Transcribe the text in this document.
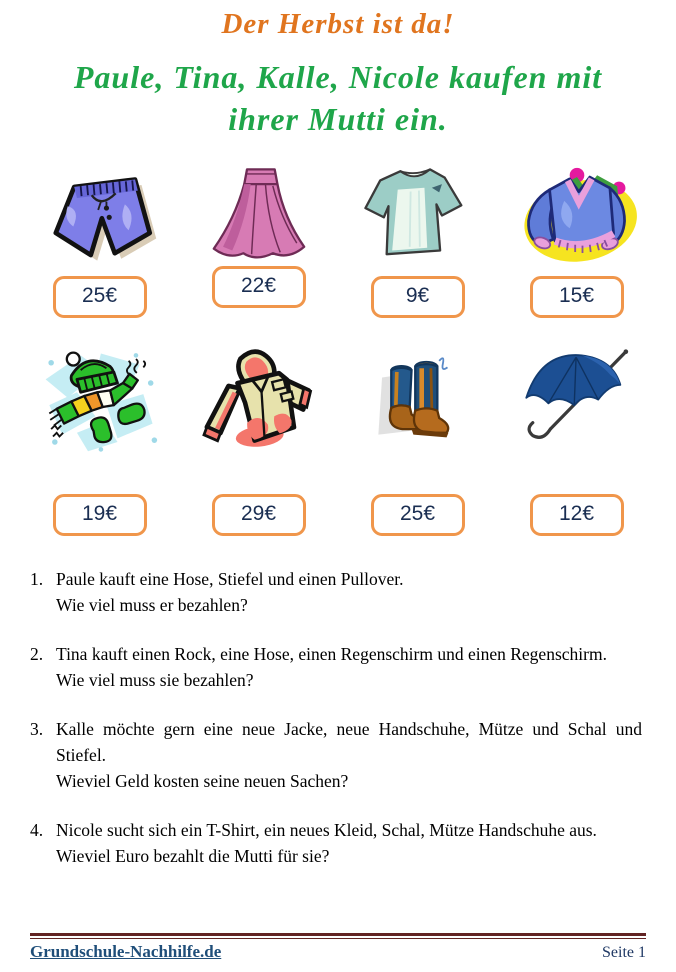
Der Herbst ist da!
Paule, Tina, Kalle, Nicole kaufen mit
ihrer Mutti ein.
25€	22€	9€	15€
19€	29€	25€	12€
1. Paule kauft eine Hose, Stiefel und einen Pullover.
Wie viel muss er bezahlen?
2. Tina kauft einen Rock, eine Hose, einen Regenschirm und einen Regenschirm.
Wie viel muss sie bezahlen?
3. Kalle möchte gern eine neue Jacke, neue Handschuhe, Mütze und Schal und Stiefel.
Wieviel Geld kosten seine neuen Sachen?
4. Nicole sucht sich ein T-Shirt, ein neues Kleid, Schal, Mütze Handschuhe aus.
Wieviel Euro bezahlt die Mutti für sie?
Grundschule-Nachhilfe.de	Seite 1
